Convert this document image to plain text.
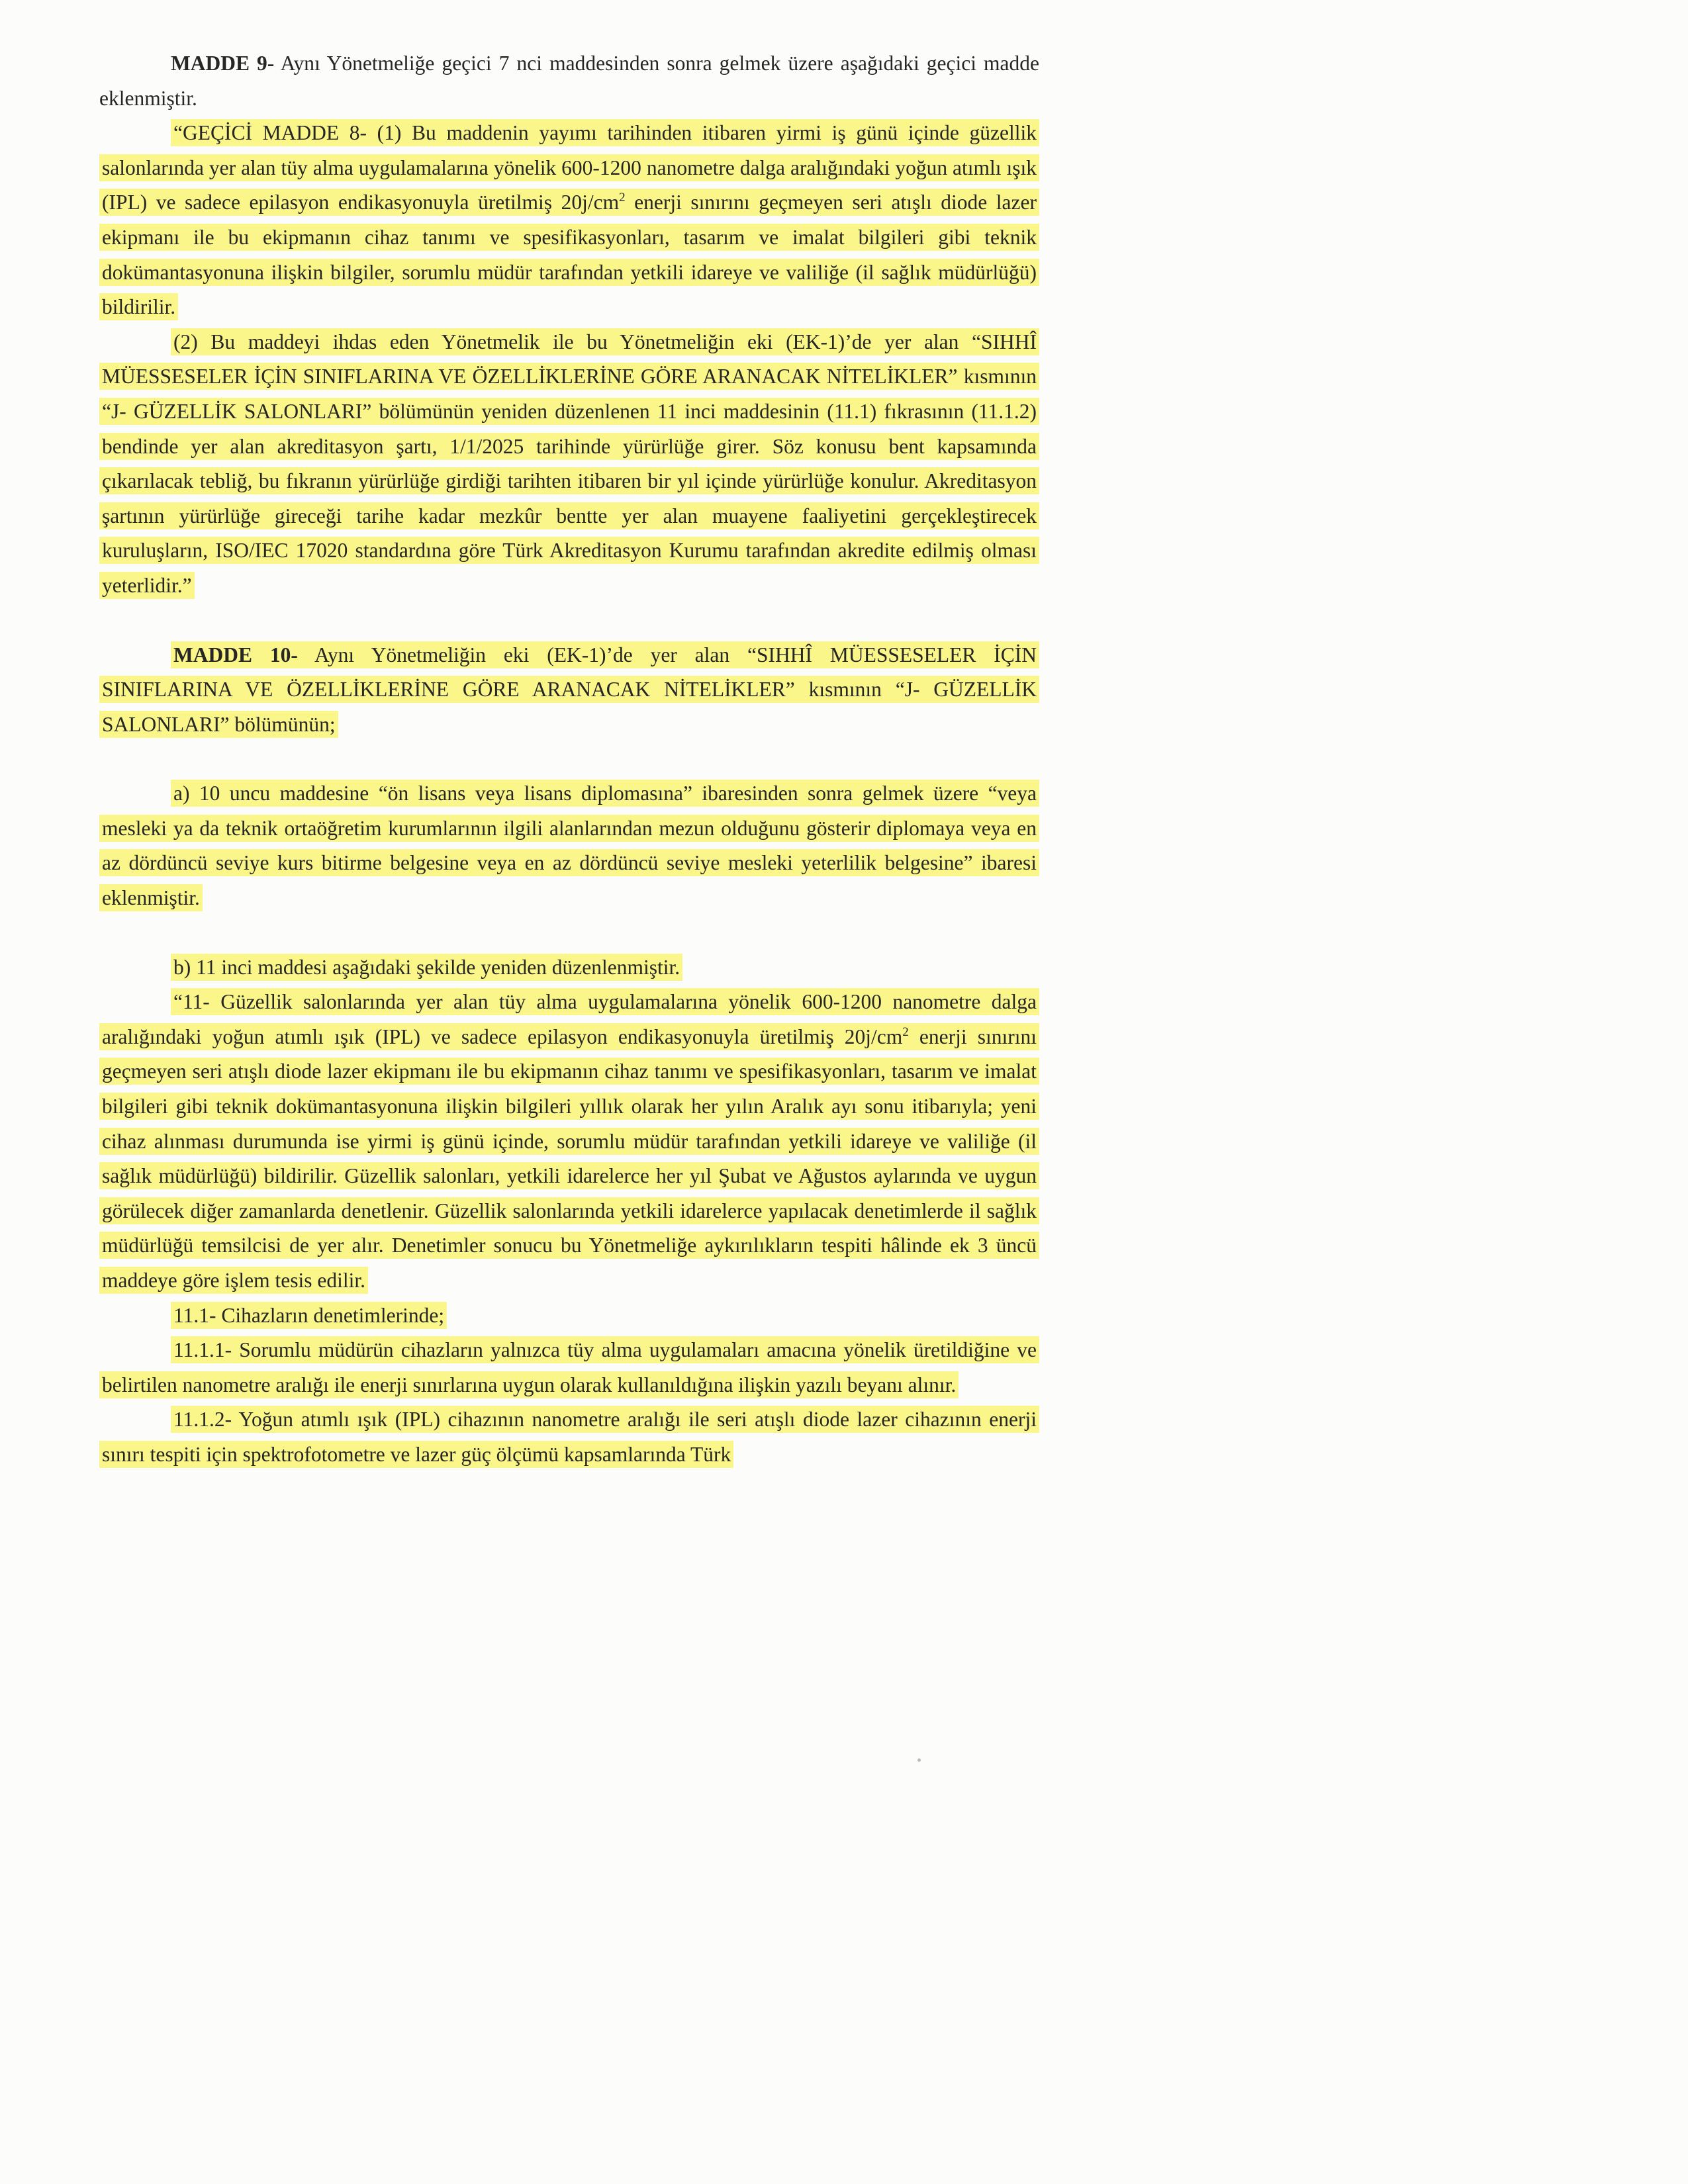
MADDE 9- Aynı Yönetmeliğe geçici 7 nci maddesinden sonra gelmek üzere aşağıdaki geçici madde eklenmiştir.

“GEÇİCİ MADDE 8- (1) Bu maddenin yayımı tarihinden itibaren yirmi iş günü içinde güzellik salonlarında yer alan tüy alma uygulamalarına yönelik 600-1200 nanometre dalga aralığındaki yoğun atımlı ışık (IPL) ve sadece epilasyon endikasyonuyla üretilmiş $20j/cm^2$ enerji sınırını geçmeyen seri atışlı diode lazer ekipmanı ile bu ekipmanın cihaz tanımı ve spesifikasyonları, tasarım ve imalat bilgileri gibi teknik dokümantasyonuna ilişkin bilgiler, sorumlu müdür tarafından yetkili idareye ve valiliğe (il sağlık müdürlüğü) bildirilir.

(2) Bu maddeyi ihdas eden Yönetmelik ile bu Yönetmeliğin eki (EK-1)’de yer alan “SIHHÎ MÜESSESELER İÇİN SINIFLARINA VE ÖZELLİKLERİNE GÖRE ARANACAK NİTELİKLER” kısmının “J- GÜZELLİK SALONLARI” bölümünün yeniden düzenlenen 11 inci maddesinin (11.1) fıkrasının (11.1.2) bendinde yer alan akreditasyon şartı, 1/1/2025 tarihinde yürürlüğe girer. Söz konusu bent kapsamında çıkarılacak tebliğ, bu fıkranın yürürlüğe girdiği tarihten itibaren bir yıl içinde yürürlüğe konulur. Akreditasyon şartının yürürlüğe gireceği tarihe kadar mezkûr bentte yer alan muayene faaliyetini gerçekleştirecek kuruluşların, ISO/IEC 17020 standardına göre Türk Akreditasyon Kurumu tarafından akredite edilmiş olması yeterlidir.”

MADDE 10- Aynı Yönetmeliğin eki (EK-1)’de yer alan “SIHHÎ MÜESSESELER İÇİN SINIFLARINA VE ÖZELLİKLERİNE GÖRE ARANACAK NİTELİKLER” kısmının “J- GÜZELLİK SALONLARI” bölümünün;

a) 10 uncu maddesine “ön lisans veya lisans diplomasına” ibaresinden sonra gelmek üzere “veya mesleki ya da teknik ortaöğretim kurumlarının ilgili alanlarından mezun olduğunu gösterir diplomaya veya en az dördüncü seviye kurs bitirme belgesine veya en az dördüncü seviye mesleki yeterlilik belgesine” ibaresi eklenmiştir.

b) 11 inci maddesi aşağıdaki şekilde yeniden düzenlenmiştir.

“11- Güzellik salonlarında yer alan tüy alma uygulamalarına yönelik 600-1200 nanometre dalga aralığındaki yoğun atımlı ışık (IPL) ve sadece epilasyon endikasyonuyla üretilmiş $20j/cm^2$ enerji sınırını geçmeyen seri atışlı diode lazer ekipmanı ile bu ekipmanın cihaz tanımı ve spesifikasyonları, tasarım ve imalat bilgileri gibi teknik dokümantasyonuna ilişkin bilgileri yıllık olarak her yılın Aralık ayı sonu itibarıyla; yeni cihaz alınması durumunda ise yirmi iş günü içinde, sorumlu müdür tarafından yetkili idareye ve valiliğe (il sağlık müdürlüğü) bildirilir. Güzellik salonları, yetkili idarelerce her yıl Şubat ve Ağustos aylarında ve uygun görülecek diğer zamanlarda denetlenir. Güzellik salonlarında yetkili idarelerce yapılacak denetimlerde il sağlık müdürlüğü temsilcisi de yer alır. Denetimler sonucu bu Yönetmeliğe aykırılıkların tespiti hâlinde ek 3 üncü maddeye göre işlem tesis edilir.

11.1- Cihazların denetimlerinde;

11.1.1- Sorumlu müdürün cihazların yalnızca tüy alma uygulamaları amacına yönelik üretildiğine ve belirtilen nanometre aralığı ile enerji sınırlarına uygun olarak kullanıldığına ilişkin yazılı beyanı alınır.

11.1.2- Yoğun atımlı ışık (IPL) cihazının nanometre aralığı ile seri atışlı diode lazer cihazının enerji sınırı tespiti için spektrofotometre ve lazer güç ölçümü kapsamlarında Türk
